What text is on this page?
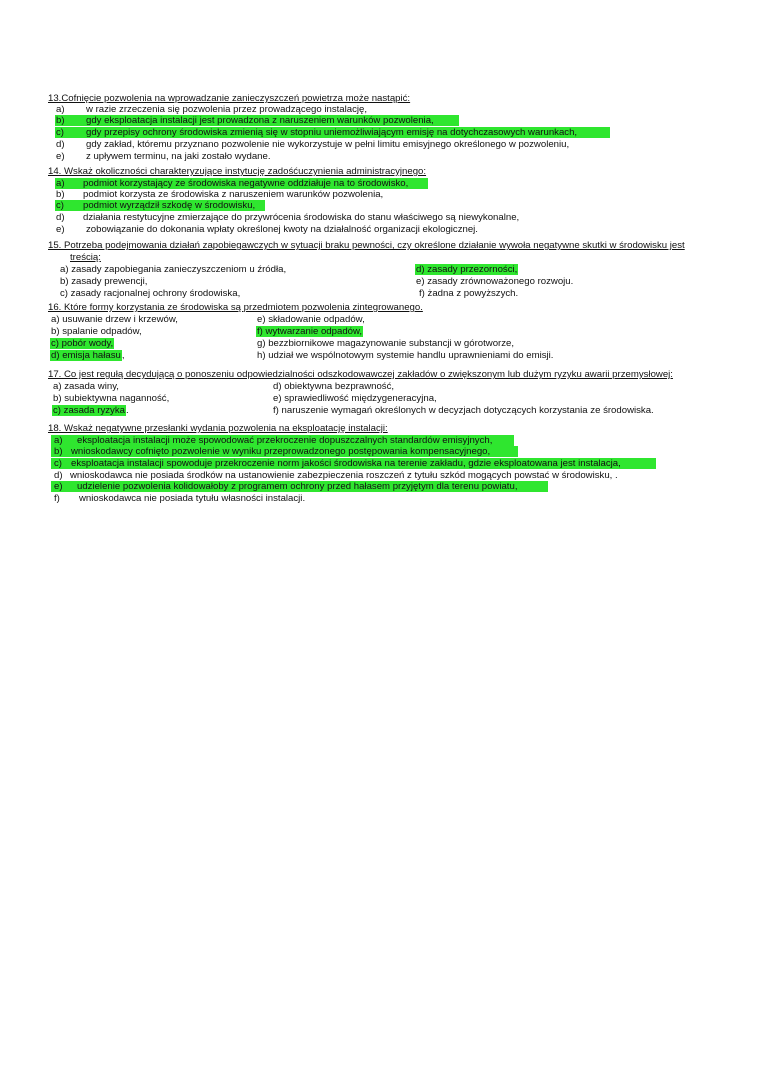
13.Cofnięcie pozwolenia na wprowadzanie zanieczyszczeń powietrza może nastąpić:
a) w razie zrzeczenia się pozwolenia przez prowadzącego instalację,
b) gdy eksploatacja instalacji jest prowadzona z naruszeniem warunków pozwolenia,
c) gdy przepisy ochrony środowiska zmienią się w stopniu uniemożliwiającym emisję na dotychczasowych warunkach,
d) gdy zakład, któremu przyznano pozwolenie nie wykorzystuje w pełni limitu emisyjnego określonego w pozwoleniu,
e) z upływem terminu, na jaki zostało wydane.
14. Wskaż okoliczności charakteryzujące instytucję zadośćuczynienia administracyjnego:
a) podmiot korzystający ze środowiska negatywne oddziałuje na to środowisko,
b) podmiot korzysta ze środowiska z naruszeniem warunków pozwolenia,
c) podmiot wyrządził szkodę w środowisku,
d) działania restytucyjne zmierzające do przywrócenia środowiska do stanu właściwego są niewykonalne,
e) zobowiązanie do dokonania wpłaty określonej kwoty na działalność organizacji ekologicznej.
15. Potrzeba podejmowania działań zapobiegawczych w sytuacji braku pewności, czy określone działanie wywoła negatywne skutki w środowisku jest
treścią:
a) zasady zapobiegania zanieczyszczeniom u źródła,
b) zasady prewencji,
c) zasady racjonalnej ochrony środowiska,
d) zasady przezorności,
e) zasady zrównoważonego rozwoju.
f) żadna z powyższych.
16. Które formy korzystania ze środowiska są przedmiotem pozwolenia zintegrowanego.
a) usuwanie drzew i krzewów,
b) spalanie odpadów,
c) pobór wody,
d) emisja hałasu,
e) składowanie odpadów,
f) wytwarzanie odpadów,
g) bezzbiornikowe magazynowanie substancji w górotworze,
h) udział we wspólnotowym systemie handlu uprawnieniami do emisji.
17. Co jest regułą decydującą o ponoszeniu odpowiedzialności odszkodowawczej zakładów o zwiększonym lub dużym ryzyku awarii przemysłowej:
a) zasada winy,
b) subiektywna naganność,
c) zasada ryzyka.
d) obiektywna bezprawność,
e) sprawiedliwość międzygeneracyjna,
f) naruszenie wymagań określonych w decyzjach dotyczących korzystania ze środowiska.
18. Wskaż negatywne przesłanki wydania pozwolenia na eksploatację instalacji:
a) eksploatacja instalacji może spowodować przekroczenie dopuszczalnych standardów emisyjnych,
b) wnioskodawcy cofnięto pozwolenie w wyniku przeprowadzonego postępowania kompensacyjnego,
c) eksploatacja instalacji spowoduje przekroczenie norm jakości środowiska na terenie zakładu, gdzie eksploatowana jest instalacja,
d) wnioskodawca nie posiada środków na ustanowienie zabezpieczenia roszczeń z tytułu szkód mogących powstać w środowisku, .
e) udzielenie pozwolenia kolidowałoby z programem ochrony przed hałasem przyjętym dla terenu powiatu,
f) wnioskodawca nie posiada tytułu własności instalacji.
